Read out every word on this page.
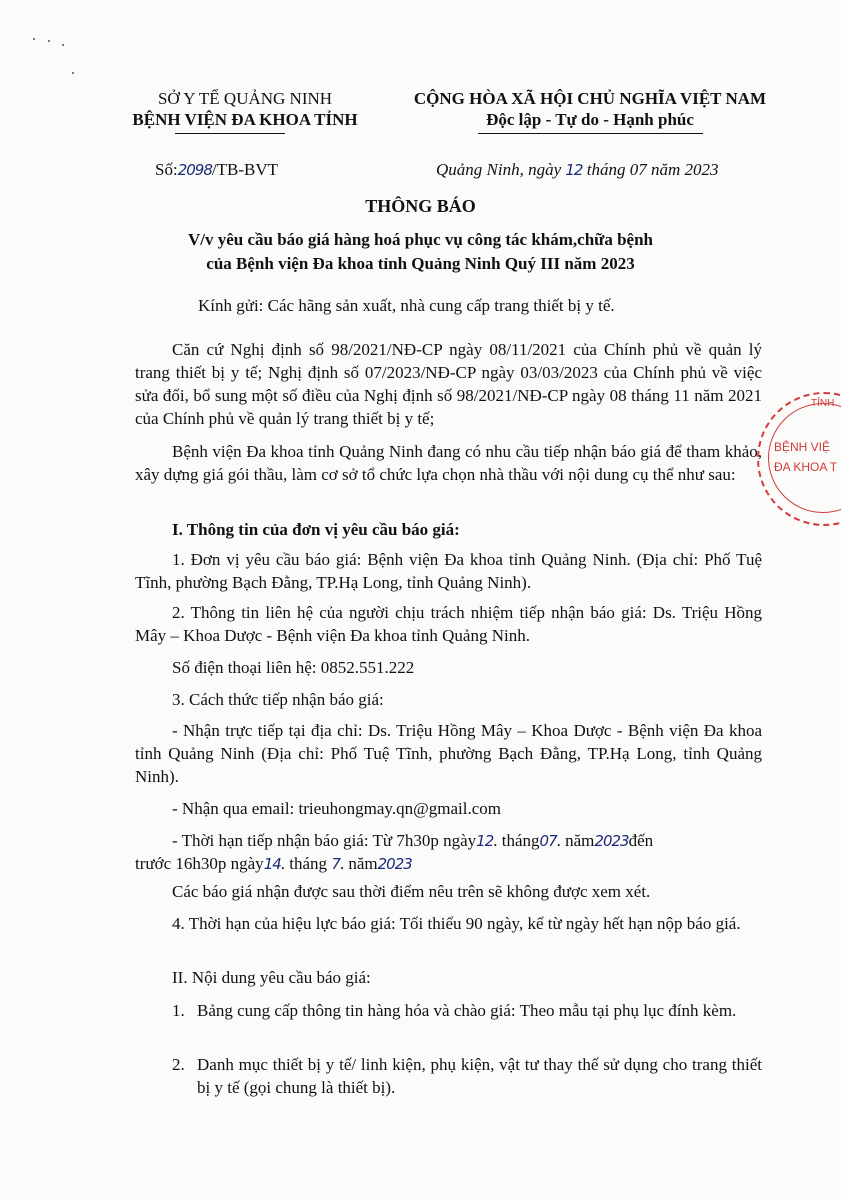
SỞ Y TẾ QUẢNG NINH
BỆNH VIỆN ĐA KHOA TỈNH
CỘNG HÒA XÃ HỘI CHỦ NGHĨA VIỆT NAM
Độc lập - Tự do - Hạnh phúc
Số:2098/TB-BVT	Quảng Ninh, ngày 12 tháng 07 năm 2023
THÔNG BÁO
V/v yêu cầu báo giá hàng hoá phục vụ công tác khám,chữa bệnh
của Bệnh viện Đa khoa tỉnh Quảng Ninh Quý III năm 2023
Kính gửi: Các hãng sản xuất, nhà cung cấp trang thiết bị y tế.
Căn cứ Nghị định số 98/2021/NĐ-CP ngày 08/11/2021 của Chính phủ về quản lý trang thiết bị y tế; Nghị định số 07/2023/NĐ-CP ngày 03/03/2023 của Chính phủ về việc sửa đổi, bổ sung một số điều của Nghị định số 98/2021/NĐ-CP ngày 08 tháng 11 năm 2021 của Chính phủ về quản lý trang thiết bị y tế;
Bệnh viện Đa khoa tỉnh Quảng Ninh đang có nhu cầu tiếp nhận báo giá để tham khảo, xây dựng giá gói thầu, làm cơ sở tổ chức lựa chọn nhà thầu với nội dung cụ thể như sau:
I. Thông tin của đơn vị yêu cầu báo giá:
1. Đơn vị yêu cầu báo giá: Bệnh viện Đa khoa tỉnh Quảng Ninh. (Địa chỉ: Phố Tuệ Tĩnh, phường Bạch Đằng, TP.Hạ Long, tỉnh Quảng Ninh).
2. Thông tin liên hệ của người chịu trách nhiệm tiếp nhận báo giá: Ds. Triệu Hồng Mây – Khoa Dược - Bệnh viện Đa khoa tỉnh Quảng Ninh.
Số điện thoại liên hệ: 0852.551.222
3. Cách thức tiếp nhận báo giá:
- Nhận trực tiếp tại địa chỉ: Ds. Triệu Hồng Mây – Khoa Dược - Bệnh viện Đa khoa tỉnh Quảng Ninh (Địa chỉ: Phố Tuệ Tĩnh, phường Bạch Đằng, TP.Hạ Long, tỉnh Quảng Ninh).
- Nhận qua email: trieuhongmay.qn@gmail.com
- Thời hạn tiếp nhận báo giá: Từ 7h30p ngày12. tháng07. năm2023đến
trước 16h30p ngày14. tháng 7. năm2023
Các báo giá nhận được sau thời điểm nêu trên sẽ không được xem xét.
4. Thời hạn của hiệu lực báo giá: Tối thiểu 90 ngày, kể từ ngày hết hạn nộp báo giá.
II. Nội dung yêu cầu báo giá:
1. Bảng cung cấp thông tin hàng hóa và chào giá: Theo mẫu tại phụ lục đính kèm.
2. Danh mục thiết bị y tế/ linh kiện, phụ kiện, vật tư thay thế sử dụng cho trang thiết bị y tế (gọi chung là thiết bị).
TỈNH
BỆNH VIỆ
ĐA KHOA T
